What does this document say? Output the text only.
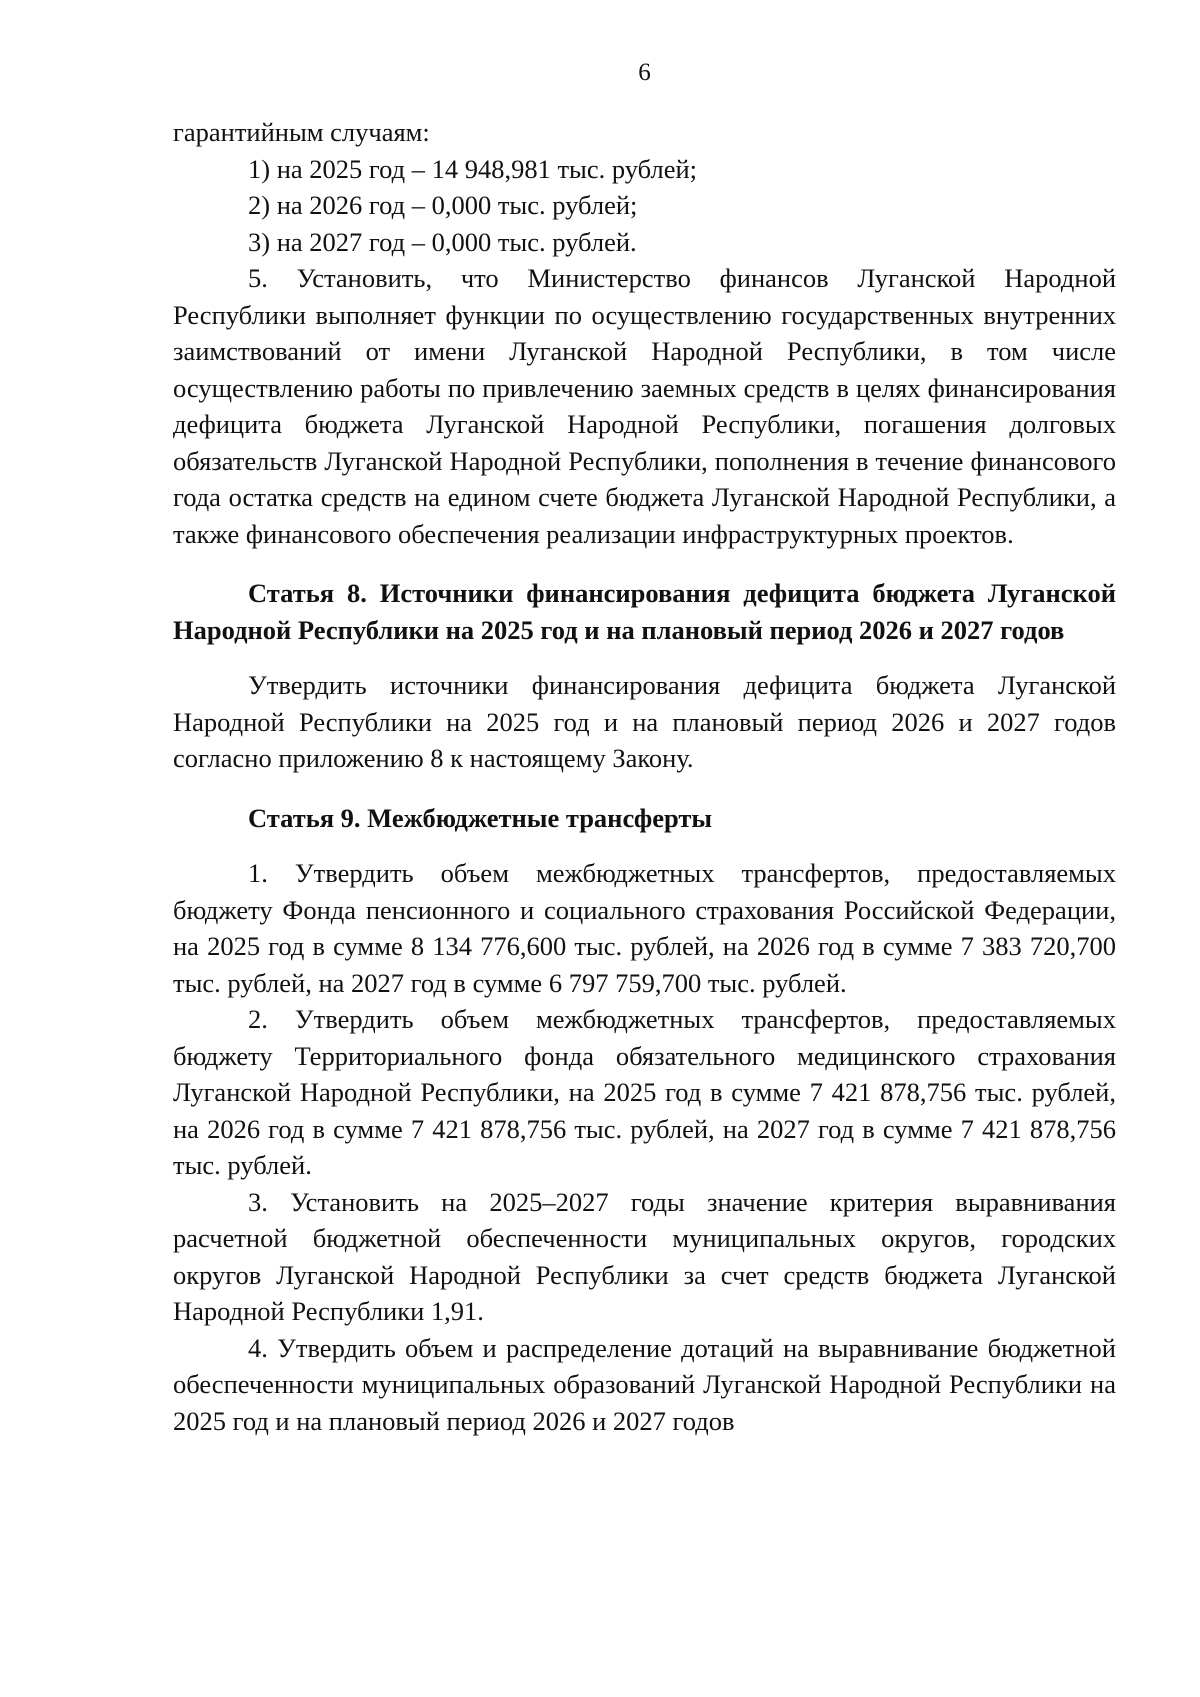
6

гарантийным случаям:

1) на 2025 год – 14 948,981 тыс. рублей;

2) на 2026 год – 0,000 тыс. рублей;

3) на 2027 год – 0,000 тыс. рублей.

5. Установить, что Министерство финансов Луганской Народной Республики выполняет функции по осуществлению государственных внутренних заимствований от имени Луганской Народной Республики, в том числе осуществлению работы по привлечению заемных средств в целях финансирования дефицита бюджета Луганской Народной Республики, погашения долговых обязательств Луганской Народной Республики, пополнения в течение финансового года остатка средств на едином счете бюджета Луганской Народной Республики, а также финансового обеспечения реализации инфраструктурных проектов.

Статья 8. Источники финансирования дефицита бюджета Луганской Народной Республики на 2025 год и на плановый период 2026 и 2027 годов

Утвердить источники финансирования дефицита бюджета Луганской Народной Республики на 2025 год и на плановый период 2026 и 2027 годов согласно приложению 8 к настоящему Закону.

Статья 9. Межбюджетные трансферты

1. Утвердить объем межбюджетных трансфертов, предоставляемых бюджету Фонда пенсионного и социального страхования Российской Федерации, на 2025 год в сумме 8 134 776,600 тыс. рублей, на 2026 год в сумме 7 383 720,700 тыс. рублей, на 2027 год в сумме 6 797 759,700 тыс. рублей.

2. Утвердить объем межбюджетных трансфертов, предоставляемых бюджету Территориального фонда обязательного медицинского страхования Луганской Народной Республики, на 2025 год в сумме 7 421 878,756 тыс. рублей, на 2026 год в сумме 7 421 878,756 тыс. рублей, на 2027 год в сумме 7 421 878,756 тыс. рублей.

3. Установить на 2025–2027 годы значение критерия выравнивания расчетной бюджетной обеспеченности муниципальных округов, городских округов Луганской Народной Республики за счет средств бюджета Луганской Народной Республики 1,91.

4. Утвердить объем и распределение дотаций на выравнивание бюджетной обеспеченности муниципальных образований Луганской Народной Республики на 2025 год и на плановый период 2026 и 2027 годов
